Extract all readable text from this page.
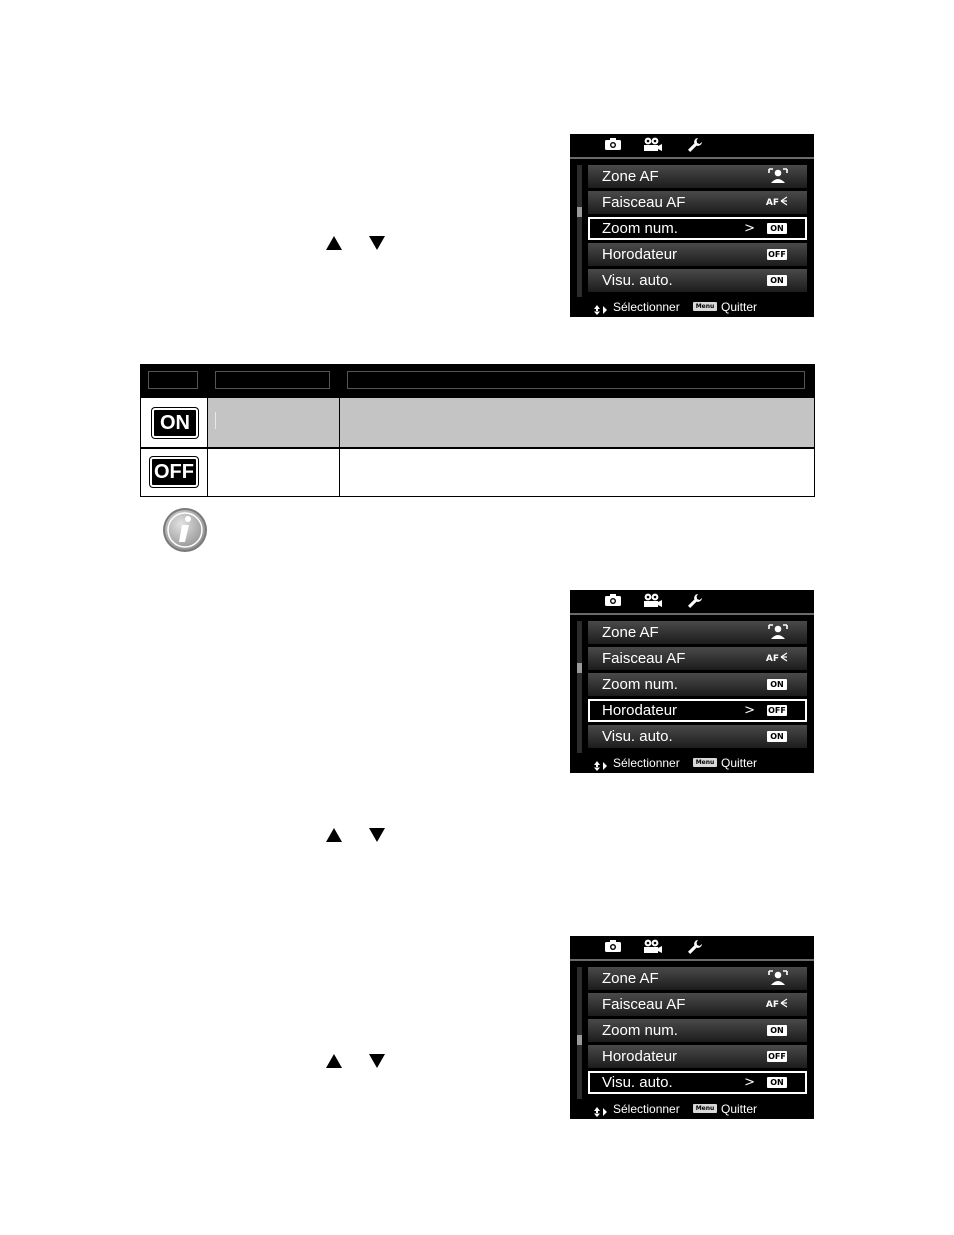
Zone AF
Faisceau AF	AF
Zoom num.	>	ON
Horodateur	OFF
Visu. auto.	ON
Sélectionner	Menu Quitter
Zone AF
Faisceau AF	AF
Zoom num.	ON
Horodateur	> OFF
Visu. auto.	ON
Sélectionner	Menu Quitter
Zone AF
Faisceau AF	AF
Zoom num.	ON
Horodateur	OFF
Visu. auto.	>	ON
Sélectionner	Menu Quitter
ON
OFF
